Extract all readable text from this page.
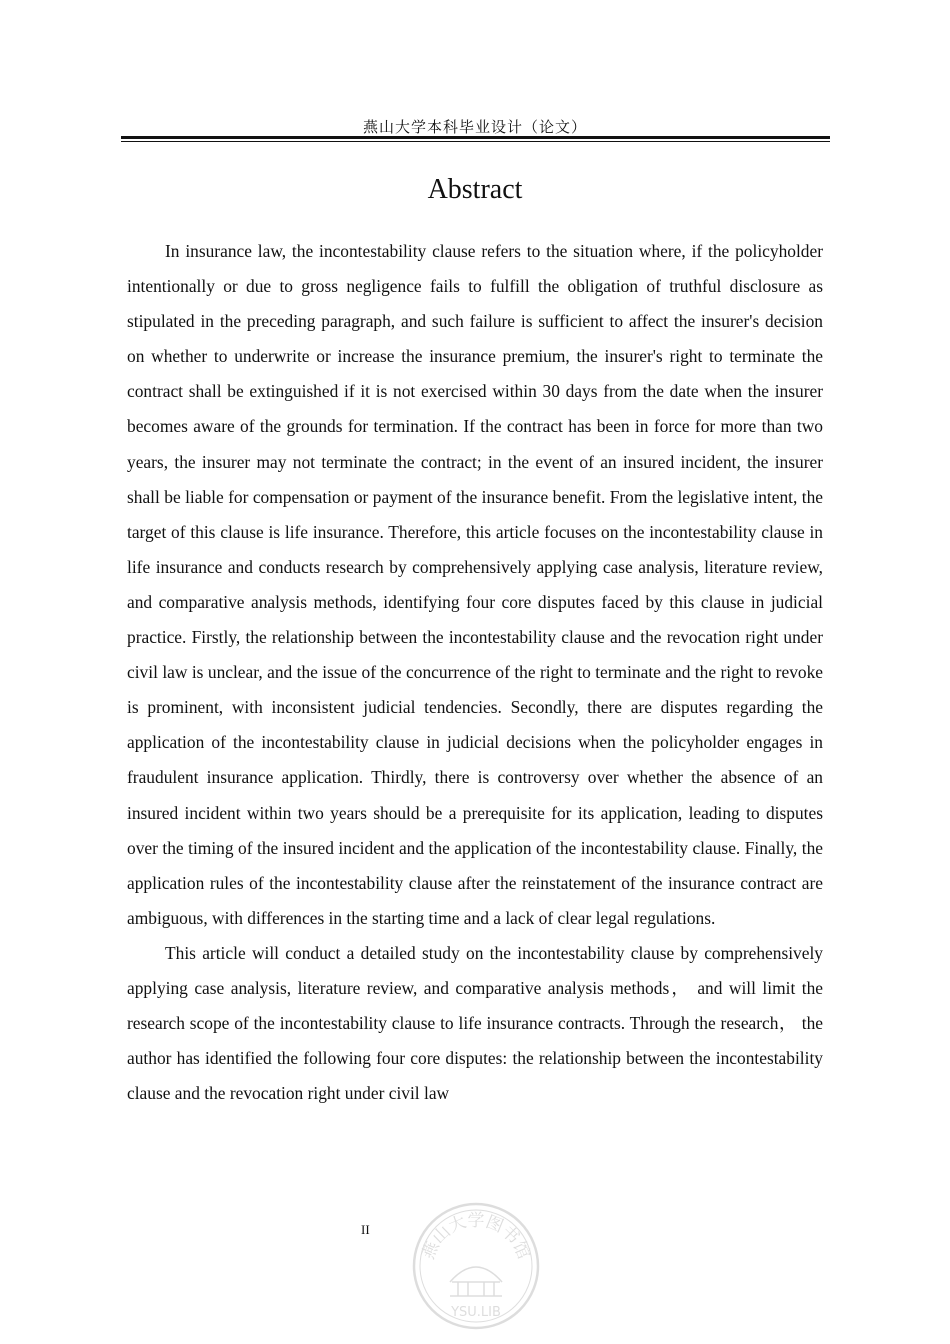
燕山大学本科毕业设计（论文）
Abstract

In insurance law, the incontestability clause refers to the situation where, if the policyholder intentionally or due to gross negligence fails to fulfill the obligation of truthful disclosure as stipulated in the preceding paragraph, and such failure is sufficient to affect the insurer's decision on whether to underwrite or increase the insurance premium, the insurer's right to terminate the contract shall be extinguished if it is not exercised within 30 days from the date when the insurer becomes aware of the grounds for termination. If the contract has been in force for more than two years, the insurer may not terminate the contract; in the event of an insured incident, the insurer shall be liable for compensation or payment of the insurance benefit. From the legislative intent, the target of this clause is life insurance. Therefore, this article focuses on the incontestability clause in life insurance and conducts research by comprehensively applying case analysis, literature review, and comparative analysis methods, identifying four core disputes faced by this clause in judicial practice. Firstly, the relationship between the incontestability clause and the revocation right under civil law is unclear, and the issue of the concurrence of the right to terminate and the right to revoke is prominent, with inconsistent judicial tendencies. Secondly, there are disputes regarding the application of the incontestability clause in judicial decisions when the policyholder engages in fraudulent insurance application. Thirdly, there is controversy over whether the absence of an insured incident within two years should be a prerequisite for its application, leading to disputes over the timing of the insured incident and the application of the incontestability clause. Finally, the application rules of the incontestability clause after the reinstatement of the insurance contract are ambiguous, with differences in the starting time and a lack of clear legal regulations.

This article will conduct a detailed study on the incontestability clause by comprehensively applying case analysis, literature review, and comparative analysis methods， and will limit the research scope of the incontestability clause to life insurance contracts. Through the research， the author has identified the following four core disputes: the relationship between the incontestability clause and the revocation right under civil law

II
燕山大学图书馆
YSU.LIB
